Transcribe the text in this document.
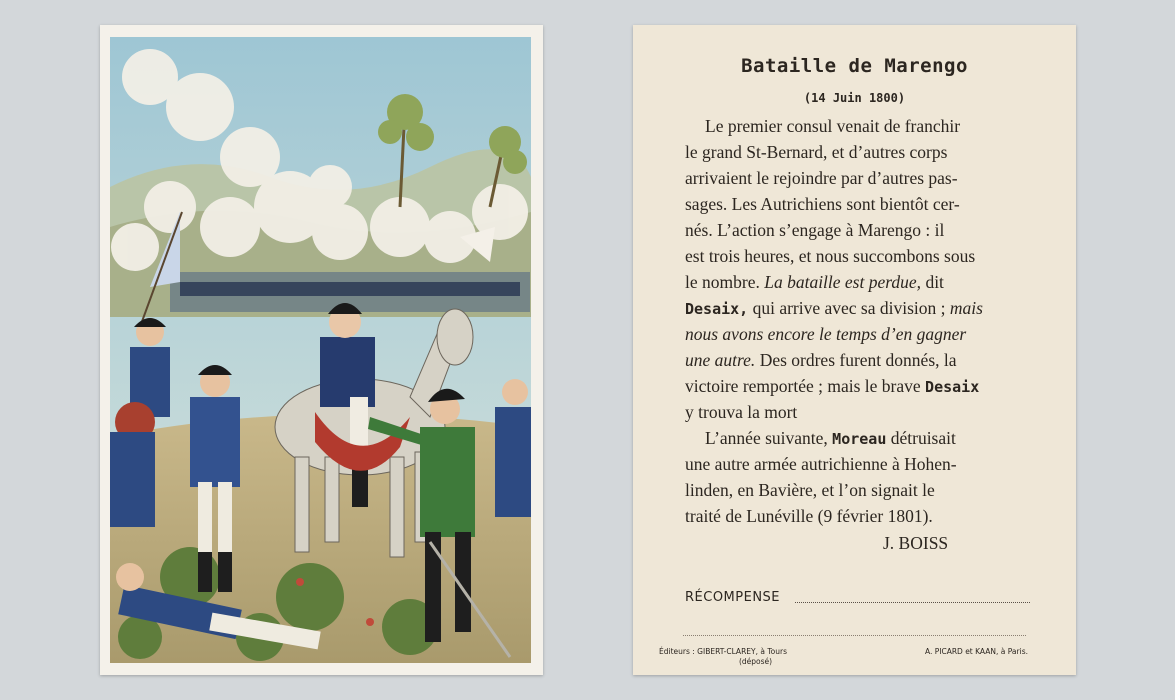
Bataille de Marengo
(14 Juin 1800)
Le premier consul venait de franchir
le grand St-Bernard, et d’autres corps
arrivaient le rejoindre par d’autres pas-
sages. Les Autrichiens sont bientôt cer-
nés. L’action s’engage à Marengo : il
est trois heures, et nous succombons sous
le nombre. La bataille est perdue, dit
Desaix, qui arrive avec sa division ; mais
nous avons encore le temps d’en gagner
une autre. Des ordres furent donnés, la
victoire remportée ; mais le brave Desaix
y trouva la mort
L’année suivante, Moreau détruisait
une autre armée autrichienne à Hohen-
linden, en Bavière, et l’on signait le
traité de Lunéville (9 février 1801).
J. BOISS
RÉCOMPENSE
Éditeurs : GIBERT-CLAREY, à Tours
(déposé)
A. PICARD et KAAN, à Paris.
